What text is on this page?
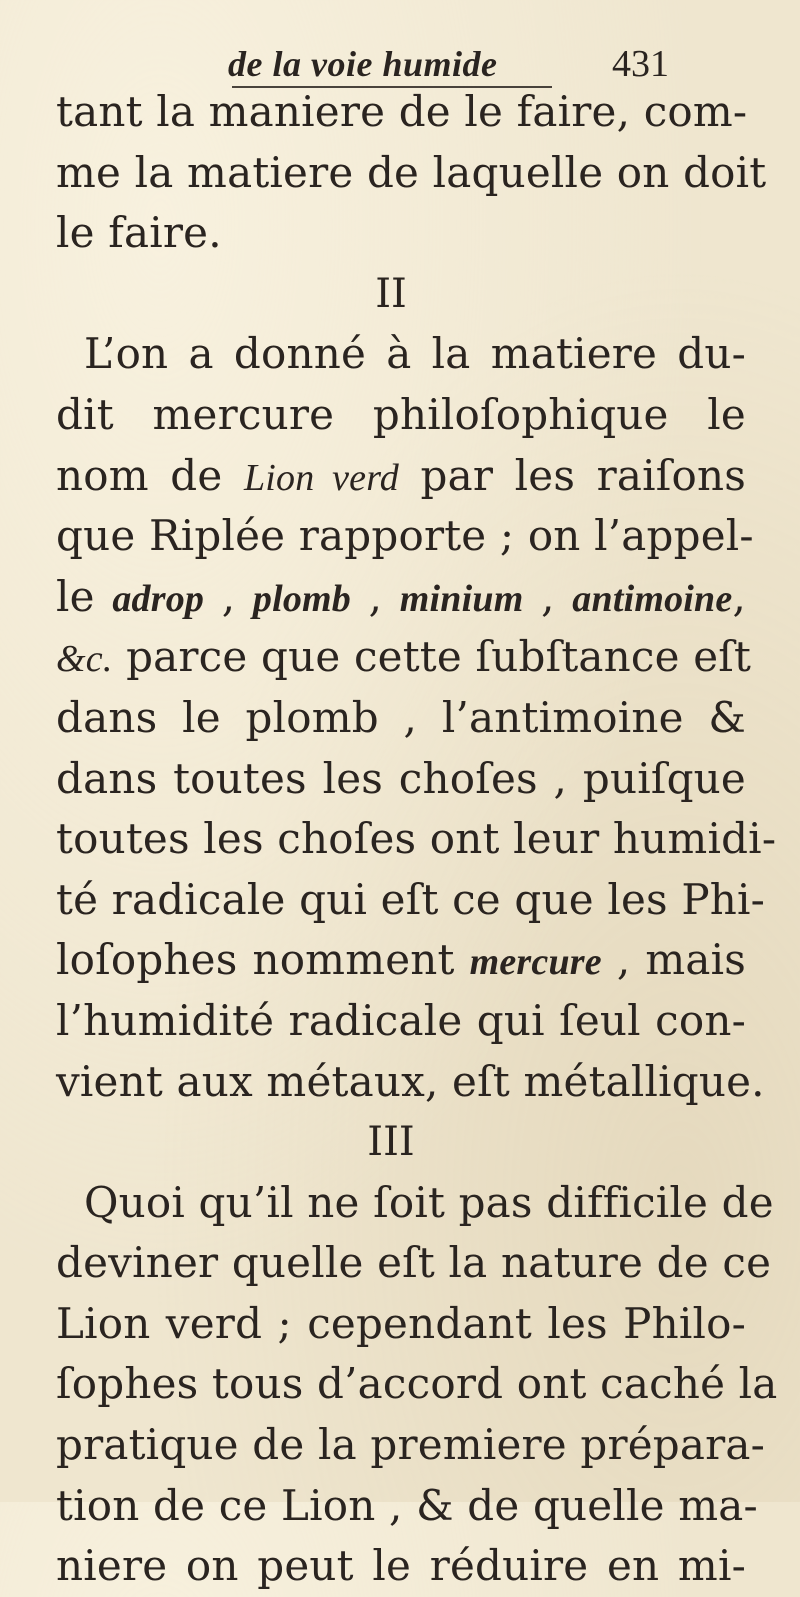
de la voie humide	431
tant la maniere de le faire, com-
me la matiere de laquelle on doit
le faire.
II
L’on a donné à la matiere du-
dit mercure philoſophique le
nom de Lion verd par les raiſons
que Riplée rapporte ; on l’appel-
le adrop , plomb , minium , antimoine,
&c. parce que cette ſubſtance eſt
dans le plomb , l’antimoine &
dans toutes les choſes , puiſque
toutes les choſes ont leur humidi-
té radicale qui eſt ce que les Phi-
loſophes nomment mercure , mais
l’humidité radicale qui ſeul con-
vient aux métaux, eſt métallique.
III
Quoi qu’il ne ſoit pas difficile de
deviner quelle eſt la nature de ce
Lion verd ; cependant les Philo-
ſophes tous d’accord ont caché la
pratique de la premiere prépara-
tion de ce Lion , & de quelle ma-
niere on peut le réduire en mi-
